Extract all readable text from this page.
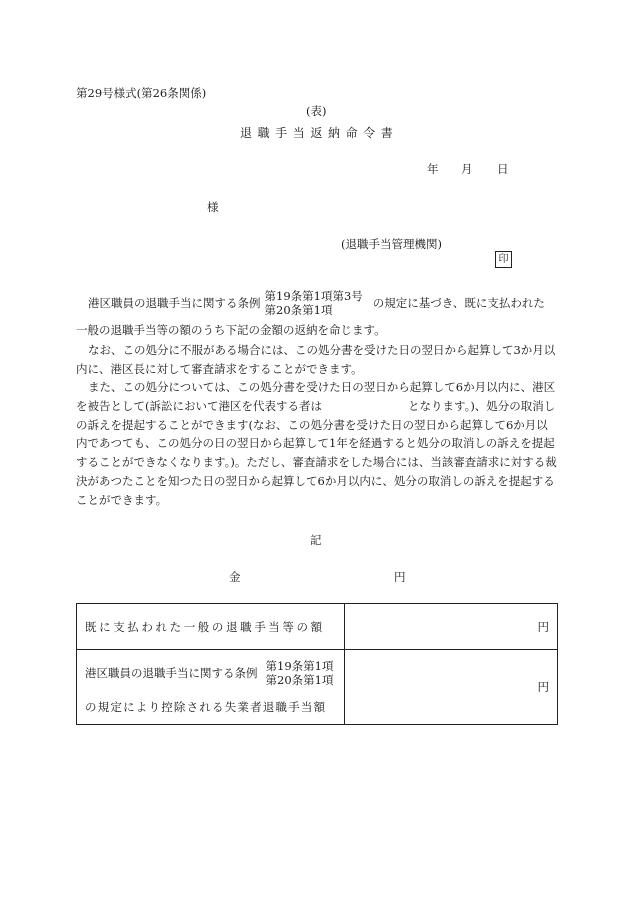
第29号様式(第26条関係)
(表)
退職手当返納命令書
年 月 日
様
(退職手当管理機関)
印
港区職員の退職手当に関する条例 第19条第1項第3号
第20条第1項	の規定に基づき、既に支払われた
一般の退職手当等の額のうち下記の金額の返納を命じます。

なお、この処分に不服がある場合には、この処分書を受けた日の翌日から起算して3か月以内に、港区長に対して審査請求をすることができます。

また、この処分については、この処分書を受けた日の翌日から起算して6か月以内に、港区を被告として(訴訟において港区を代表する者は	となります。)、処分の取消しの訴えを提起することができます(なお、この処分書を受けた日の翌日から起算して6か月以内であつても、この処分の日の翌日から起算して1年を経過すると処分の取消しの訴えを提起することができなくなります。)。ただし、審査請求をした場合には、当該審査請求に対する裁決があつたことを知つた日の翌日から起算して6か月以内に、処分の取消しの訴えを提起することができます。

記
金	円
既に支払われた一般の退職手当等の額	円

港区職員の退職手当に関する条例 第19条第1項
第20条第1項
の規定により控除される失業者退職手当額	円
